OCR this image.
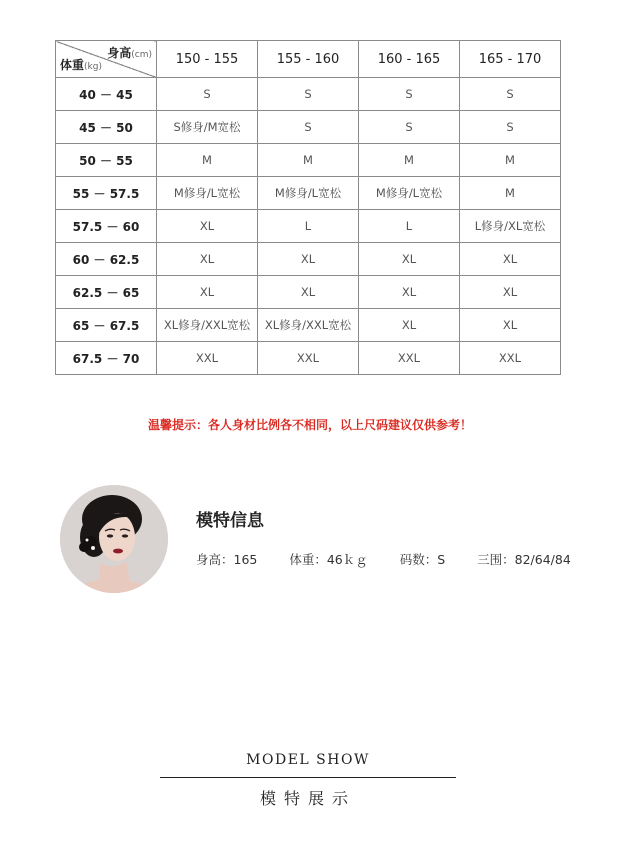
身高(cm)
体重(kg)	150 - 155	155 - 160	160 - 165	165 - 170
40 － 45	S	S	S	S
45 － 50	S修身/M宽松	S	S	S
50 － 55	M	M	M	M
55 － 57.5	M修身/L宽松	M修身/L宽松	M修身/L宽松	M
57.5 － 60	XL	L	L	L修身/XL宽松
60 － 62.5	XL	XL	XL	XL
62.5 － 65	XL	XL	XL	XL
65 － 67.5	XL修身/XXL宽松	XL修身/XXL宽松	XL	XL
67.5 － 70	XXL	XXL	XXL	XXL
温馨提示：各人身材比例各不相同，以上尺码建议仅供参考！
模特信息
身高：165	体重：46ｋｇ	码数：S	三围：82/64/84
MODEL SHOW
模特展示
